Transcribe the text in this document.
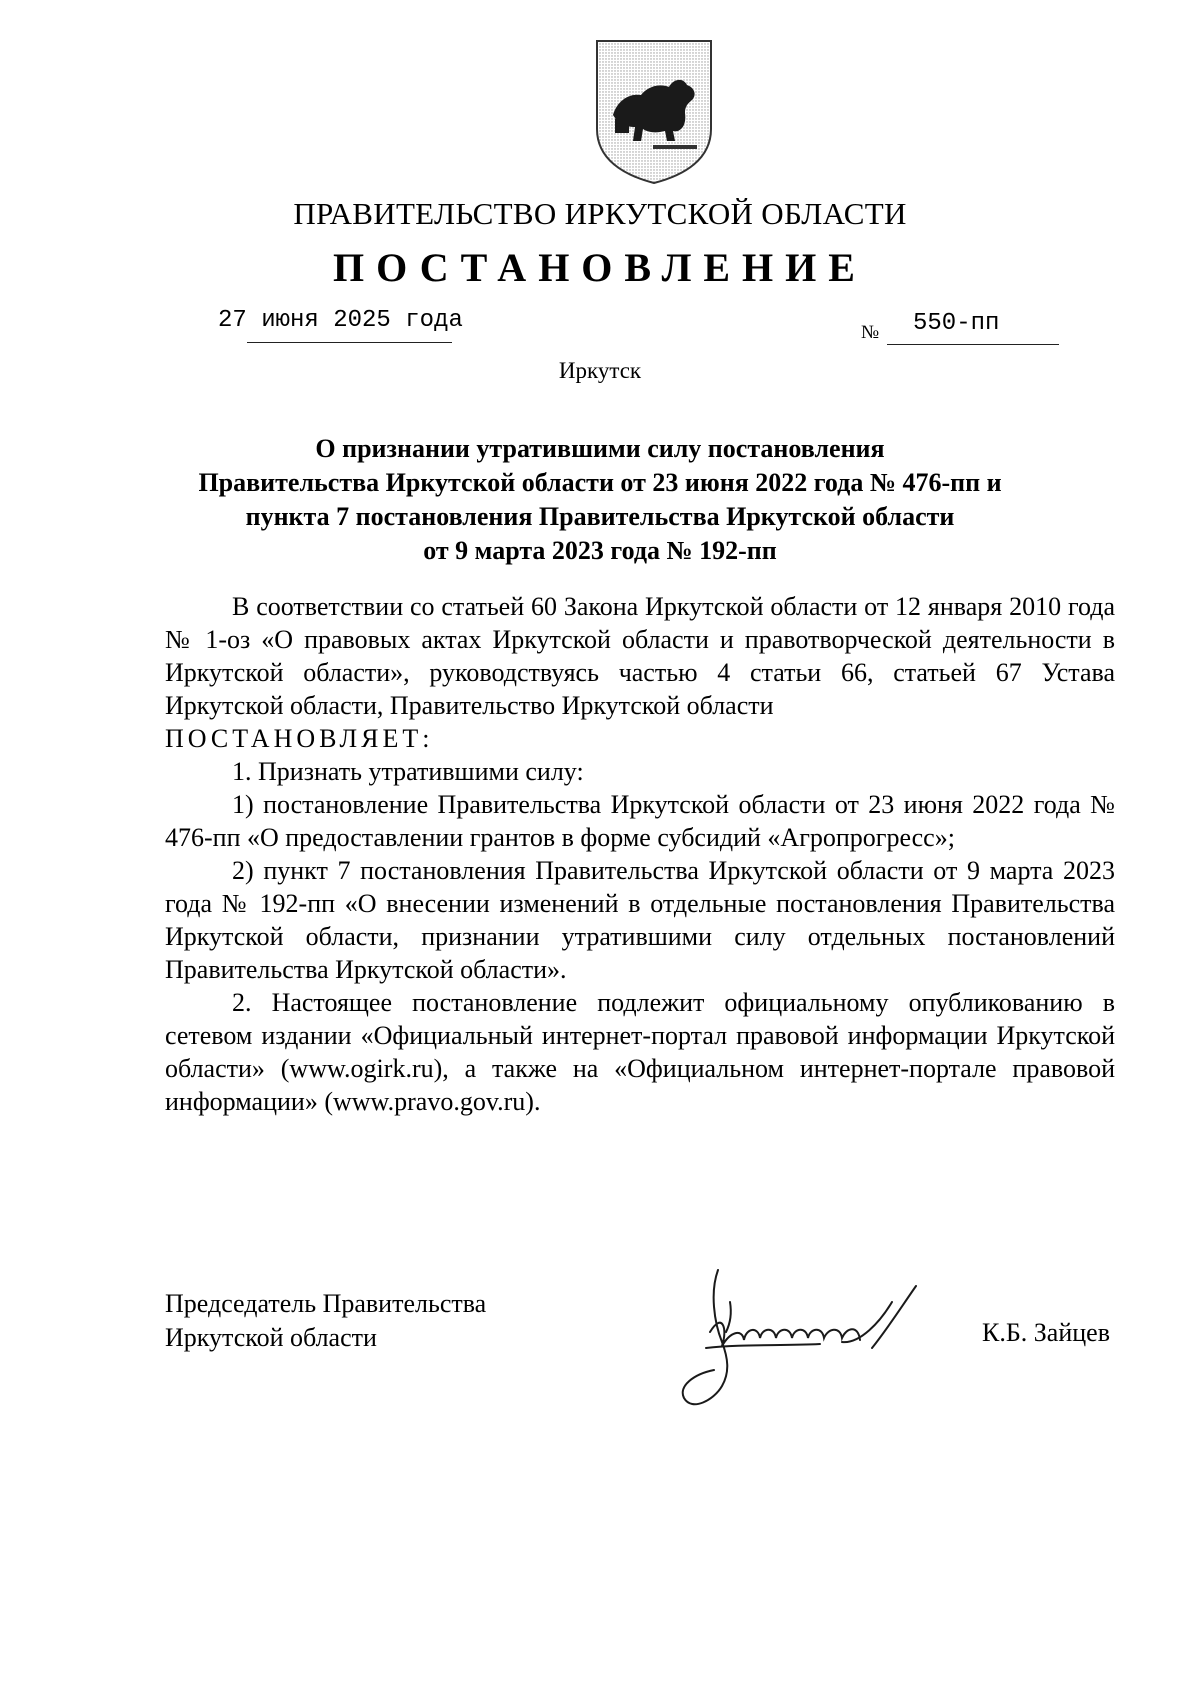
ПРАВИТЕЛЬСТВО ИРКУТСКОЙ ОБЛАСТИ
ПОСТАНОВЛЕНИЕ
27 июня 2025 года	№ 550-пп
Иркутск
О признании утратившими силу постановления
Правительства Иркутской области от 23 июня 2022 года № 476-пп и
пункта 7 постановления Правительства Иркутской области
от 9 марта 2023 года № 192-пп

В соответствии со статьей 60 Закона Иркутской области от 12 января 2010 года № 1-оз «О правовых актах Иркутской области и правотворческой деятельности в Иркутской области», руководствуясь частью 4 статьи 66, статьей 67 Устава Иркутской области, Правительство Иркутской области

ПОСТАНОВЛЯЕТ:

1. Признать утратившими силу:

1) постановление Правительства Иркутской области от 23 июня 2022 года № 476-пп «О предоставлении грантов в форме субсидий «Агропрогресс»;

2) пункт 7 постановления Правительства Иркутской области от 9 марта 2023 года № 192-пп «О внесении изменений в отдельные постановления Правительства Иркутской области, признании утратившими силу отдельных постановлений Правительства Иркутской области».

2. Настоящее постановление подлежит официальному опубликованию в сетевом издании «Официальный интернет-портал правовой информации Иркутской области» (www.ogirk.ru), а также на «Официальном интернет-портале правовой информации» (www.pravo.gov.ru).

Председатель Правительства
Иркутской области	К.Б. Зайцев
